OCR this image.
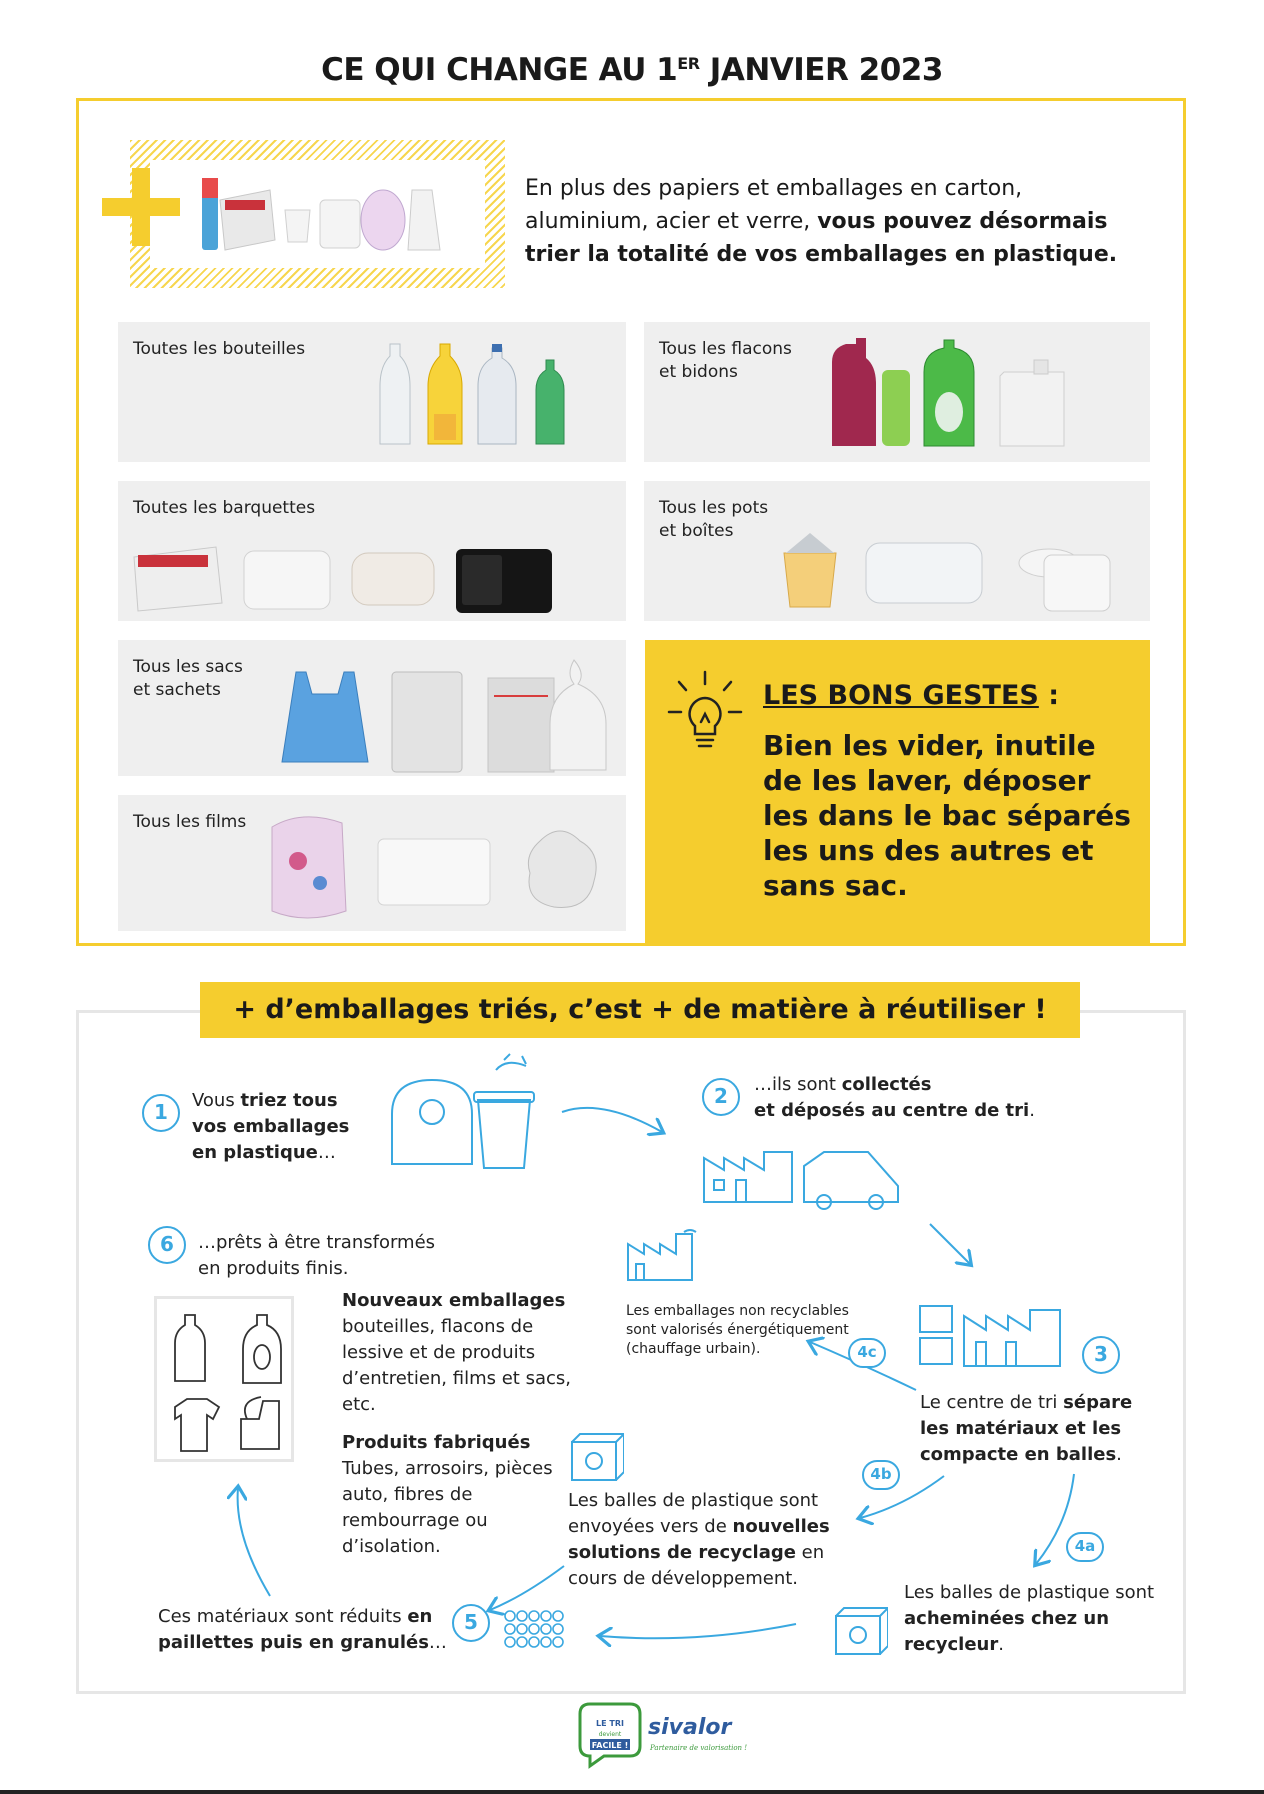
CE QUI CHANGE AU 1ER JANVIER 2023
En plus des papiers et emballages en carton, aluminium, acier et verre, vous pouvez désormais trier la totalité de vos emballages en plastique.
Toutes les bouteilles	Tous les flacons
et bidons
Toutes les barquettes	Tous les pots
et boîtes
Tous les sacs
et sachets
Tous les films
LES BONS GESTES :
Bien les vider, inutile de les laver, déposer les dans le bac séparés les uns des autres et sans sac.
+ d’emballages triés, c’est + de matière à réutiliser !
1	Vous triez tous vos emballages en plastique…
2	…ils sont collectés
et déposés au centre de tri.
3
Le centre de tri sépare les matériaux et les compacte en balles.
4a
Les balles de plastique sont acheminées chez un recycleur.
4b
Les balles de plastique sont envoyées vers de nouvelles solutions de recyclage en cours de développement.
4c
Les emballages non recyclables sont valorisés énergétiquement (chauffage urbain).
5
Ces matériaux sont réduits en paillettes puis en granulés…
6	…prêts à être transformés en produits finis.
Nouveaux emballages
bouteilles, flacons de lessive et de produits d’entretien, films et sacs, etc.
Produits fabriqués
Tubes, arrosoirs, pièces auto, fibres de rembourrage ou d’isolation.
LE TRI
devient
FACILE !
sivalor
Partenaire de valorisation !
